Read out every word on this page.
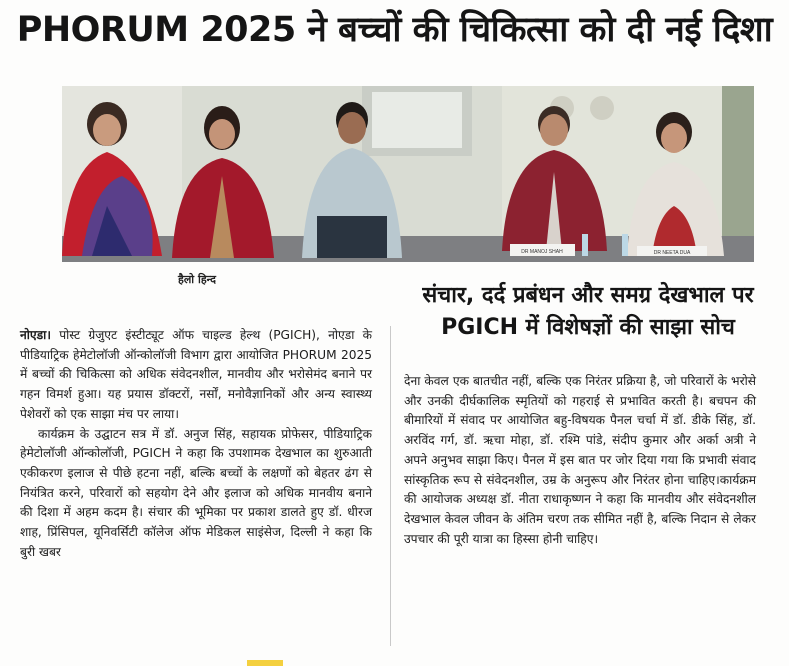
PHORUM 2025 ने बच्चों की चिकित्सा को दी नई दिशा
DR MANOJ SHAH	DR NEETA DUA
हैलो हिन्द
संचार, दर्द प्रबंधन और समग्र देखभाल पर PGICH में विशेषज्ञों की साझा सोच

नोएडा। पोस्ट ग्रेजुएट इंस्टीट्यूट ऑफ चाइल्ड हेल्थ (PGICH), नोएडा के पीडियाट्रिक हेमेटोलॉजी ऑन्कोलॉजी विभाग द्वारा आयोजित PHORUM 2025 में बच्चों की चिकित्सा को अधिक संवेदनशील, मानवीय और भरोसेमंद बनाने पर गहन विमर्श हुआ। यह प्रयास डॉक्टरों, नर्सों, मनोवैज्ञानिकों और अन्य स्वास्थ्य पेशेवरों को एक साझा मंच पर लाया।

कार्यक्रम के उद्घाटन सत्र में डॉ. अनुज सिंह, सहायक प्रोफेसर, पीडियाट्रिक हेमेटोलॉजी ऑन्कोलॉजी, PGICH ने कहा कि उपशामक देखभाल का शुरुआती एकीकरण इलाज से पीछे हटना नहीं, बल्कि बच्चों के लक्षणों को बेहतर ढंग से नियंत्रित करने, परिवारों को सहयोग देने और इलाज को अधिक मानवीय बनाने की दिशा में अहम कदम है। संचार की भूमिका पर प्रकाश डालते हुए डॉ. धीरज शाह, प्रिंसिपल, यूनिवर्सिटी कॉलेज ऑफ मेडिकल साइंसेज, दिल्ली ने कहा कि बुरी खबर

देना केवल एक बातचीत नहीं, बल्कि एक निरंतर प्रक्रिया है, जो परिवारों के भरोसे और उनकी दीर्घकालिक स्मृतियों को गहराई से प्रभावित करती है। बचपन की बीमारियों में संवाद पर आयोजित बहु-विषयक पैनल चर्चा में डॉ. डीके सिंह, डॉ. अरविंद गर्ग, डॉ. ऋचा मोहा, डॉ. रश्मि पांडे, संदीप कुमार और अर्का अत्री ने अपने अनुभव साझा किए। पैनल में इस बात पर जोर दिया गया कि प्रभावी संवाद सांस्कृतिक रूप से संवेदनशील, उम्र के अनुरूप और निरंतर होना चाहिए।कार्यक्रम की आयोजक अध्यक्ष डॉ. नीता राधाकृष्णन ने कहा कि मानवीय और संवेदनशील देखभाल केवल जीवन के अंतिम चरण तक सीमित नहीं है, बल्कि निदान से लेकर उपचार की पूरी यात्रा का हिस्सा होनी चाहिए।
